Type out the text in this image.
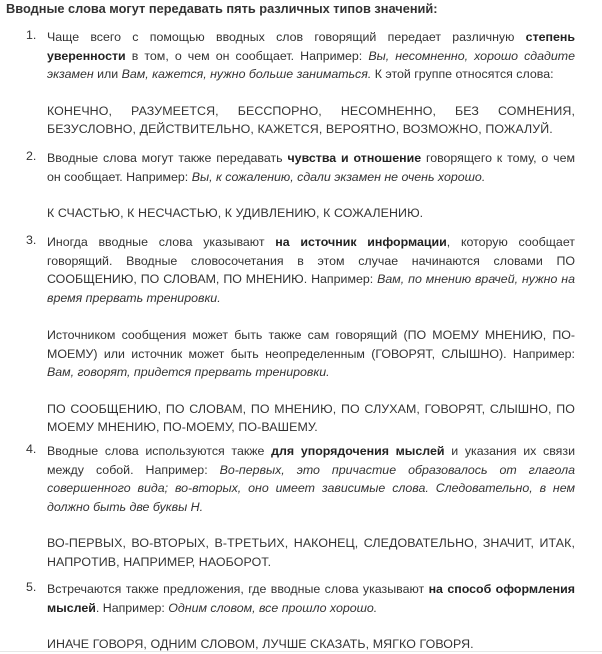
Вводные слова могут передавать пять различных типов значений:
1. Чаще всего с помощью вводных слов говорящий передает различную степень уверенности в том, о чем он сообщает. Например: Вы, несомненно, хорошо сдадите экзамен или Вам, кажется, нужно больше заниматься. К этой группе относятся слова:
КОНЕЧНО, РАЗУМЕЕТСЯ, БЕССПОРНО, НЕСОМНЕННО, БЕЗ СОМНЕНИЯ, БЕЗУСЛОВНО, ДЕЙСТВИТЕЛЬНО, КАЖЕТСЯ, ВЕРОЯТНО, ВОЗМОЖНО, ПОЖАЛУЙ.
2. Вводные слова могут также передавать чувства и отношение говорящего к тому, о чем он сообщает. Например: Вы, к сожалению, сдали экзамен не очень хорошо.
К СЧАСТЬЮ, К НЕСЧАСТЬЮ, К УДИВЛЕНИЮ, К СОЖАЛЕНИЮ.
3. Иногда вводные слова указывают на источник информации, которую сообщает говорящий. Вводные словосочетания в этом случае начинаются словами ПО СООБЩЕНИЮ, ПО СЛОВАМ, ПО МНЕНИЮ. Например: Вам, по мнению врачей, нужно на время прервать тренировки.
Источником сообщения может быть также сам говорящий (ПО МОЕМУ МНЕНИЮ, ПО-МОЕМУ) или источник может быть неопределенным (ГОВОРЯТ, СЛЫШНО). Например: Вам, говорят, придется прервать тренировки.
ПО СООБЩЕНИЮ, ПО СЛОВАМ, ПО МНЕНИЮ, ПО СЛУХАМ, ГОВОРЯТ, СЛЫШНО, ПО МОЕМУ МНЕНИЮ, ПО-МОЕМУ, ПО-ВАШЕМУ.
4. Вводные слова используются также для упорядочения мыслей и указания их связи между собой. Например: Во-первых, это причастие образовалось от глагола совершенного вида; во-вторых, оно имеет зависимые слова. Следовательно, в нем должно быть две буквы Н.
ВО-ПЕРВЫХ, ВО-ВТОРЫХ, В-ТРЕТЬИХ, НАКОНЕЦ, СЛЕДОВАТЕЛЬНО, ЗНАЧИТ, ИТАК, НАПРОТИВ, НАПРИМЕР, НАОБОРОТ.
5. Встречаются также предложения, где вводные слова указывают на способ оформления мыслей. Например: Одним словом, все прошло хорошо.
ИНАЧЕ ГОВОРЯ, ОДНИМ СЛОВОМ, ЛУЧШЕ СКАЗАТЬ, МЯГКО ГОВОРЯ.
